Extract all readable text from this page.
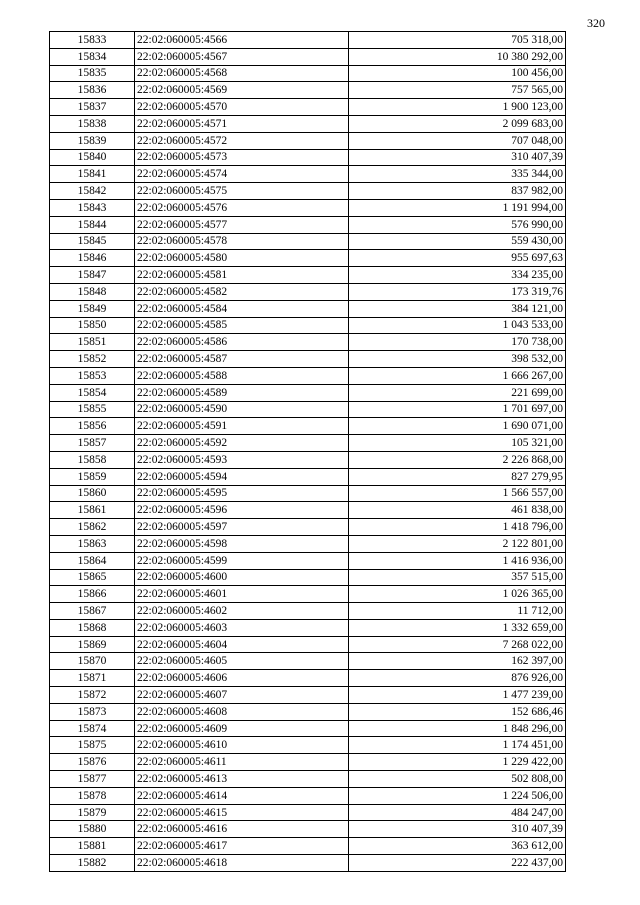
320
15833	22:02:060005:4566	705 318,00
15834	22:02:060005:4567	10 380 292,00
15835	22:02:060005:4568	100 456,00
15836	22:02:060005:4569	757 565,00
15837	22:02:060005:4570	1 900 123,00
15838	22:02:060005:4571	2 099 683,00
15839	22:02:060005:4572	707 048,00
15840	22:02:060005:4573	310 407,39
15841	22:02:060005:4574	335 344,00
15842	22:02:060005:4575	837 982,00
15843	22:02:060005:4576	1 191 994,00
15844	22:02:060005:4577	576 990,00
15845	22:02:060005:4578	559 430,00
15846	22:02:060005:4580	955 697,63
15847	22:02:060005:4581	334 235,00
15848	22:02:060005:4582	173 319,76
15849	22:02:060005:4584	384 121,00
15850	22:02:060005:4585	1 043 533,00
15851	22:02:060005:4586	170 738,00
15852	22:02:060005:4587	398 532,00
15853	22:02:060005:4588	1 666 267,00
15854	22:02:060005:4589	221 699,00
15855	22:02:060005:4590	1 701 697,00
15856	22:02:060005:4591	1 690 071,00
15857	22:02:060005:4592	105 321,00
15858	22:02:060005:4593	2 226 868,00
15859	22:02:060005:4594	827 279,95
15860	22:02:060005:4595	1 566 557,00
15861	22:02:060005:4596	461 838,00
15862	22:02:060005:4597	1 418 796,00
15863	22:02:060005:4598	2 122 801,00
15864	22:02:060005:4599	1 416 936,00
15865	22:02:060005:4600	357 515,00
15866	22:02:060005:4601	1 026 365,00
15867	22:02:060005:4602	11 712,00
15868	22:02:060005:4603	1 332 659,00
15869	22:02:060005:4604	7 268 022,00
15870	22:02:060005:4605	162 397,00
15871	22:02:060005:4606	876 926,00
15872	22:02:060005:4607	1 477 239,00
15873	22:02:060005:4608	152 686,46
15874	22:02:060005:4609	1 848 296,00
15875	22:02:060005:4610	1 174 451,00
15876	22:02:060005:4611	1 229 422,00
15877	22:02:060005:4613	502 808,00
15878	22:02:060005:4614	1 224 506,00
15879	22:02:060005:4615	484 247,00
15880	22:02:060005:4616	310 407,39
15881	22:02:060005:4617	363 612,00
15882	22:02:060005:4618	222 437,00
